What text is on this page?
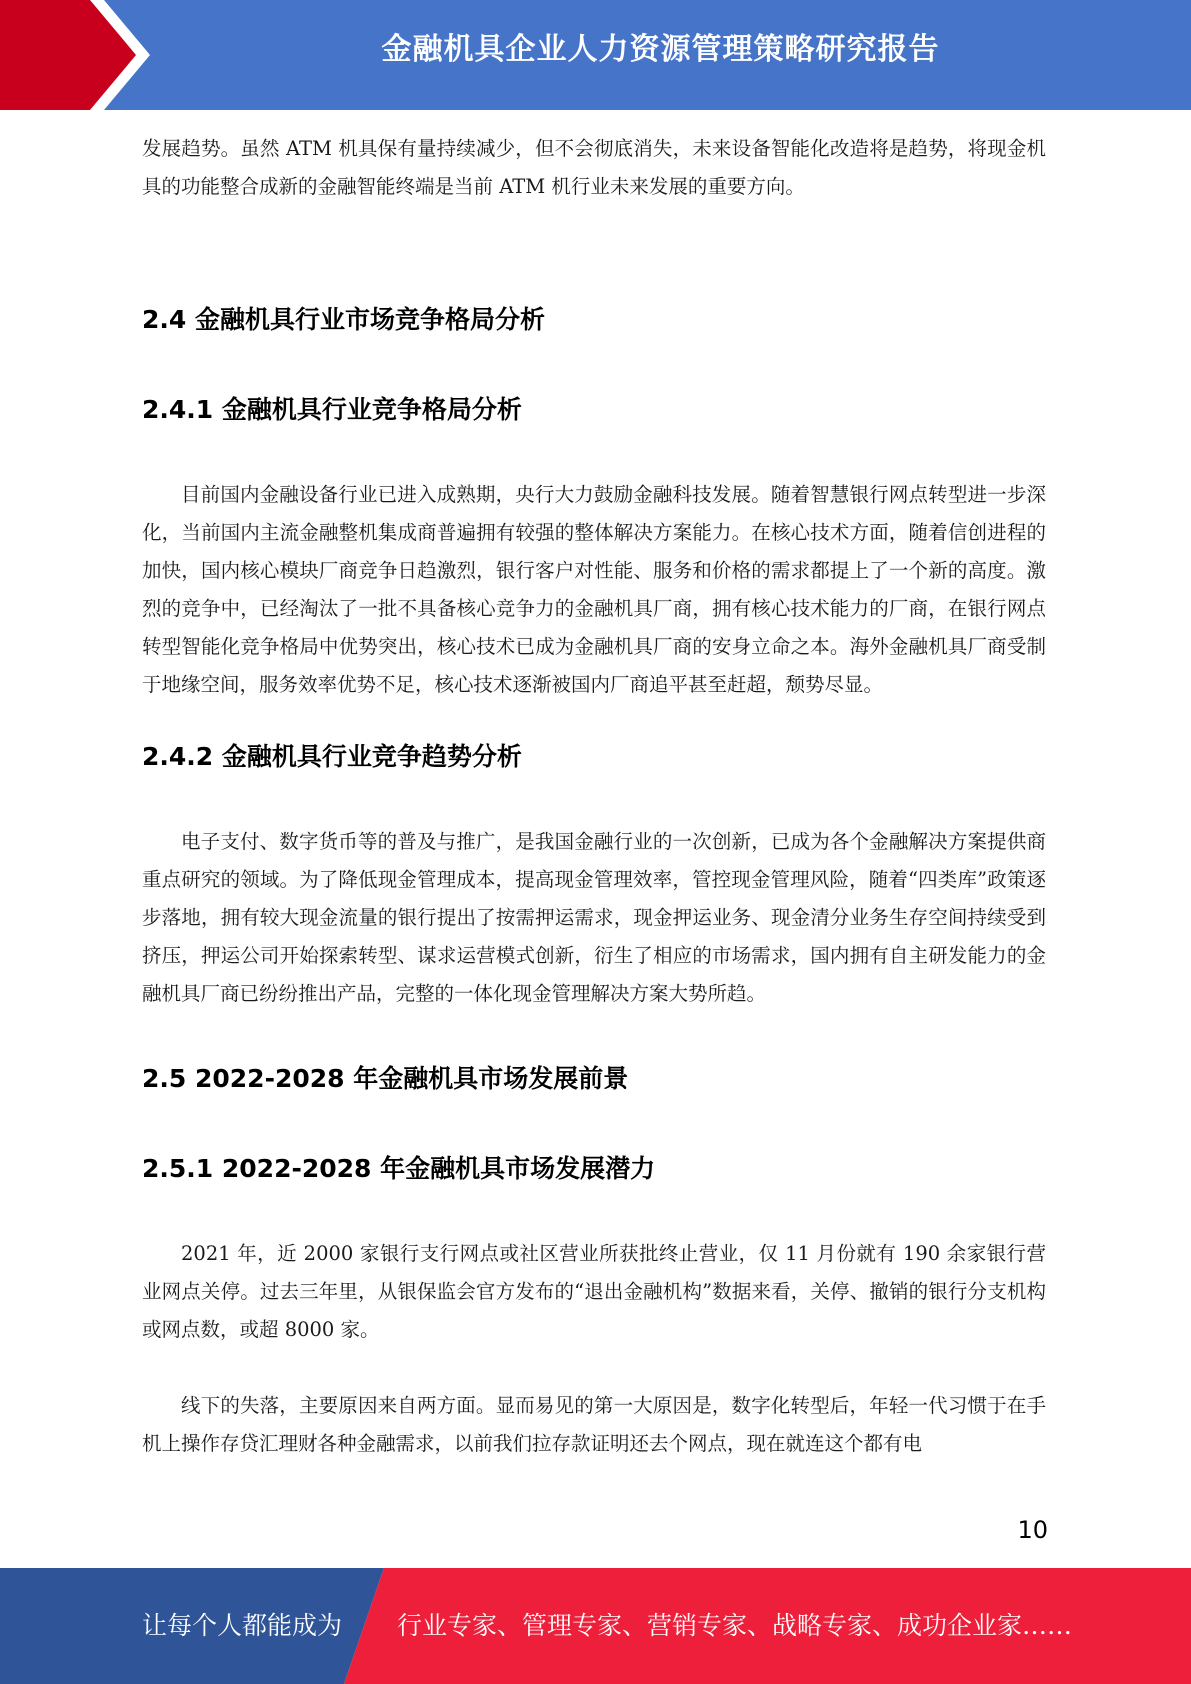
金融机具企业人力资源管理策略研究报告

发展趋势。虽然 ATM 机具保有量持续减少，但不会彻底消失，未来设备智能化改造将是趋势，将现金机具的功能整合成新的金融智能终端是当前 ATM 机行业未来发展的重要方向。

2.4 金融机具行业市场竞争格局分析
2.4.1 金融机具行业竞争格局分析

目前国内金融设备行业已进入成熟期，央行大力鼓励金融科技发展。随着智慧银行网点转型进一步深化，当前国内主流金融整机集成商普遍拥有较强的整体解决方案能力。在核心技术方面，随着信创进程的加快，国内核心模块厂商竞争日趋激烈，银行客户对性能、服务和价格的需求都提上了一个新的高度。激烈的竞争中，已经淘汰了一批不具备核心竞争力的金融机具厂商，拥有核心技术能力的厂商，在银行网点转型智能化竞争格局中优势突出，核心技术已成为金融机具厂商的安身立命之本。海外金融机具厂商受制于地缘空间，服务效率优势不足，核心技术逐渐被国内厂商追平甚至赶超，颓势尽显。

2.4.2 金融机具行业竞争趋势分析

电子支付、数字货币等的普及与推广，是我国金融行业的一次创新，已成为各个金融解决方案提供商重点研究的领域。为了降低现金管理成本，提高现金管理效率，管控现金管理风险，随着“四类库”政策逐步落地，拥有较大现金流量的银行提出了按需押运需求，现金押运业务、现金清分业务生存空间持续受到挤压，押运公司开始探索转型、谋求运营模式创新，衍生了相应的市场需求，国内拥有自主研发能力的金融机具厂商已纷纷推出产品，完整的一体化现金管理解决方案大势所趋。

2.5 2022-2028 年金融机具市场发展前景
2.5.1 2022-2028 年金融机具市场发展潜力

2021 年，近 2000 家银行支行网点或社区营业所获批终止营业，仅 11 月份就有 190 余家银行营业网点关停。过去三年里，从银保监会官方发布的“退出金融机构”数据来看，关停、撤销的银行分支机构或网点数，或超 8000 家。

线下的失落，主要原因来自两方面。显而易见的第一大原因是，数字化转型后，年轻一代习惯于在手机上操作存贷汇理财各种金融需求，以前我们拉存款证明还去个网点，现在就连这个都有电

10
让每个人都能成为 行业专家、管理专家、营销专家、战略专家、成功企业家……
